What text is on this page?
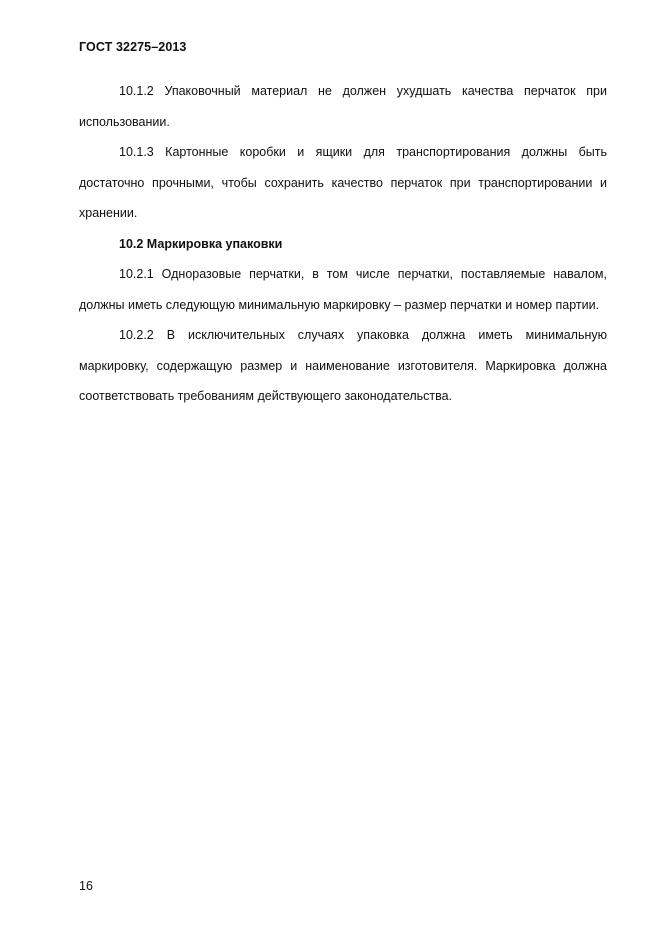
ГОСТ 32275–2013

10.1.2 Упаковочный материал не должен ухудшать качества перчаток при использовании.

10.1.3 Картонные коробки и ящики для транспортирования должны быть достаточно прочными, чтобы сохранить качество перчаток при транспортировании и хранении.

10.2 Маркировка упаковки

10.2.1 Одноразовые перчатки, в том числе перчатки, поставляемые навалом, должны иметь следующую минимальную маркировку – размер перчатки и номер партии.

10.2.2 В исключительных случаях упаковка должна иметь минимальную маркировку, содержащую размер и наименование изготовителя. Маркировка должна соответствовать требованиям действующего законодательства.

16
